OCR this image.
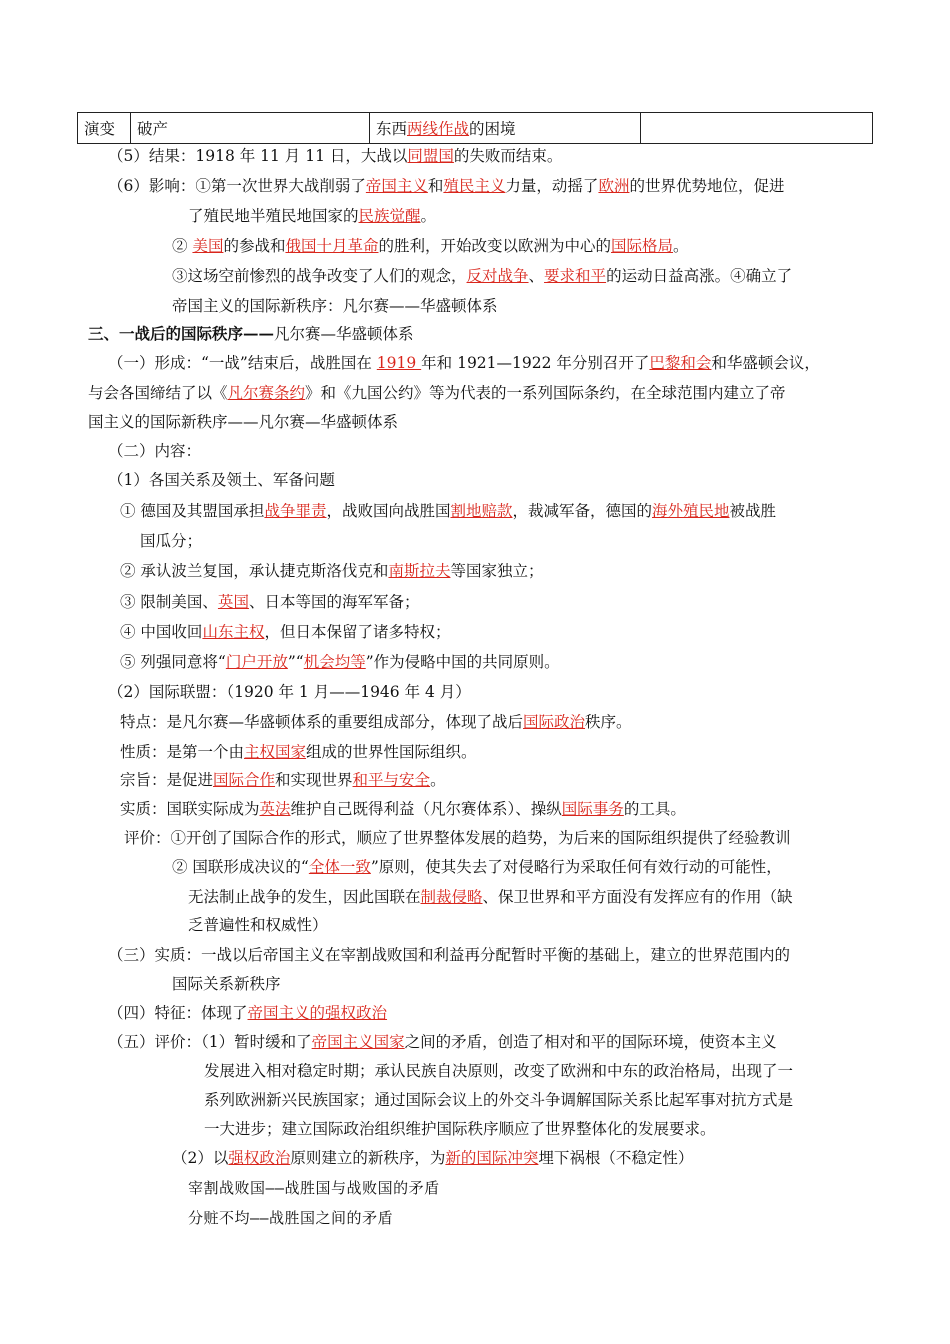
演变	破产	东西两线作战的困境	
（5）结果：1918 年 11 月 11 日，大战以同盟国的失败而结束。
（6）影响：①第一次世界大战削弱了帝国主义和殖民主义力量，动摇了欧洲的世界优势地位，促进
了殖民地半殖民地国家的民族觉醒。
② 美国的参战和俄国十月革命的胜利，开始改变以欧洲为中心的国际格局。
③这场空前惨烈的战争改变了人们的观念，反对战争、要求和平的运动日益高涨。④确立了
帝国主义的国际新秩序：凡尔赛——华盛顿体系
三、一战后的国际秩序——凡尔赛—华盛顿体系
（一）形成：“一战”结束后，战胜国在 1919 年和 1921—1922 年分别召开了巴黎和会和华盛顿会议，
与会各国缔结了以《凡尔赛条约》和《九国公约》等为代表的一系列国际条约，在全球范围内建立了帝
国主义的国际新秩序——凡尔赛—华盛顿体系
（二）内容：
（1）各国关系及领土、军备问题
① 德国及其盟国承担战争罪责，战败国向战胜国割地赔款，裁减军备，德国的海外殖民地被战胜
国瓜分；
② 承认波兰复国，承认捷克斯洛伐克和南斯拉夫等国家独立；
③ 限制美国、英国、日本等国的海军军备；
④ 中国收回山东主权，但日本保留了诸多特权；
⑤ 列强同意将“门户开放”“机会均等”作为侵略中国的共同原则。
（2）国际联盟：（1920 年 1 月——1946 年 4 月）
特点：是凡尔赛—华盛顿体系的重要组成部分，体现了战后国际政治秩序。
性质：是第一个由主权国家组成的世界性国际组织。
宗旨：是促进国际合作和实现世界和平与安全。
实质：国联实际成为英法维护自己既得利益（凡尔赛体系）、操纵国际事务的工具。
评价：①开创了国际合作的形式，顺应了世界整体发展的趋势，为后来的国际组织提供了经验教训
② 国联形成决议的“全体一致”原则，使其失去了对侵略行为采取任何有效行动的可能性，
无法制止战争的发生，因此国联在制裁侵略、保卫世界和平方面没有发挥应有的作用（缺
乏普遍性和权威性）
（三）实质：一战以后帝国主义在宰割战败国和利益再分配暂时平衡的基础上，建立的世界范围内的
国际关系新秩序
（四）特征：体现了帝国主义的强权政治
（五）评价：（1）暂时缓和了帝国主义国家之间的矛盾，创造了相对和平的国际环境，使资本主义
发展进入相对稳定时期；承认民族自决原则，改变了欧洲和中东的政治格局，出现了一
系列欧洲新兴民族国家；通过国际会议上的外交斗争调解国际关系比起军事对抗方式是
一大进步；建立国际政治组织维护国际秩序顺应了世界整体化的发展要求。
（2）以强权政治原则建立的新秩序，为新的国际冲突埋下祸根（不稳定性）
宰割战败国——战胜国与战败国的矛盾
分赃不均——战胜国之间的矛盾
